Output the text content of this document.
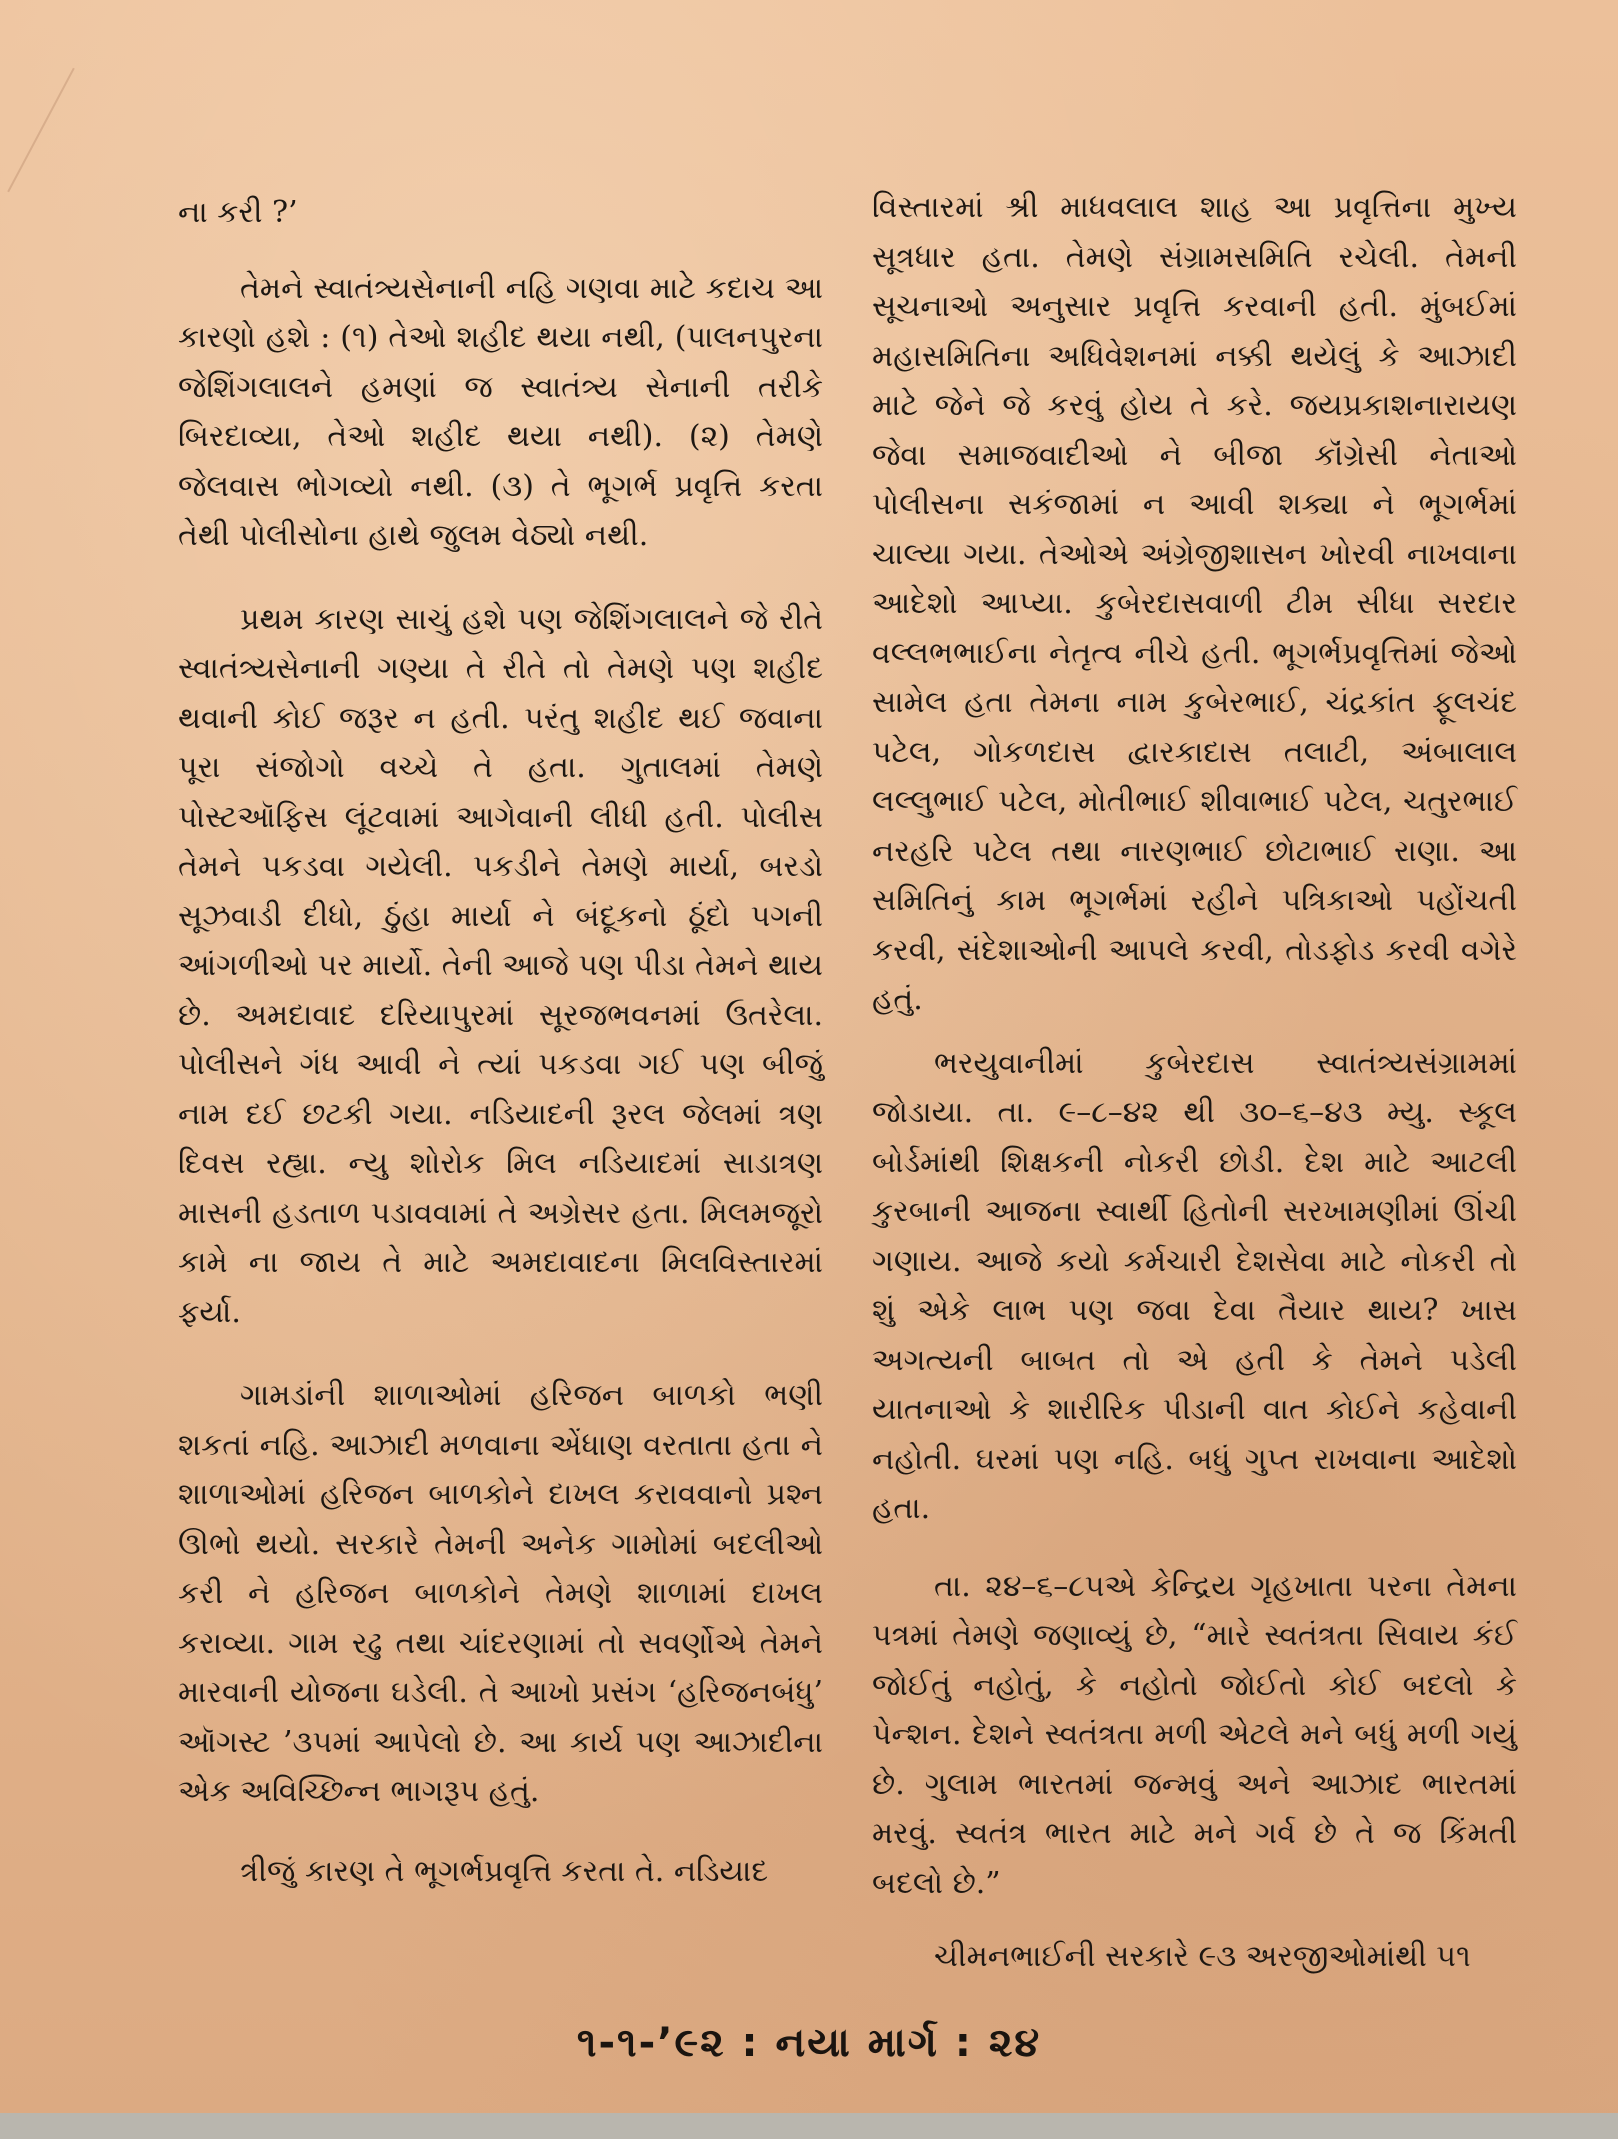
ના કરી ?’

તેમને સ્વાતંત્ર્યસેનાની નહિ ગણવા માટે કદાચ આ કારણો હશે : (૧) તેઓ શહીદ થયા નથી, (પાલનપુરના જેશિંગલાલને હમણાં જ સ્વાતંત્ર્ય સેનાની તરીકે બિરદાવ્યા, તેઓ શહીદ થયા નથી). (૨) તેમણે જેલવાસ ભોગવ્યો નથી. (૩) તે ભૂગર્ભ પ્રવૃત્તિ કરતા તેથી પોલીસોના હાથે જુલમ વેઠ્યો નથી.

પ્રથમ કારણ સાચું હશે પણ જેશિંગલાલને જે રીતે સ્વાતંત્ર્યસેનાની ગણ્યા તે રીતે તો તેમણે પણ શહીદ થવાની કોઈ જરૂર ન હતી. પરંતુ શહીદ થઈ જવાના પૂરા સંજોગો વચ્ચે તે હતા. ગુતાલમાં તેમણે પોસ્ટઑફિસ લૂંટવામાં આગેવાની લીધી હતી. પોલીસ તેમને પકડવા ગયેલી. પકડીને તેમણે માર્યા, બરડો સૂઝવાડી દીધો, ઠુંહા માર્યા ને બંદૂકનો ઠૂંદો પગની આંગળીઓ પર માર્યો. તેની આજે પણ પીડા તેમને થાય છે. અમદાવાદ દરિયાપુરમાં સૂરજભવનમાં ઉતરેલા. પોલીસને ગંધ આવી ને ત્યાં પકડવા ગઈ પણ બીજું નામ દઈ છટકી ગયા. નડિયાદની રૂરલ જેલમાં ત્રણ દિવસ રહ્યા. ન્યુ શોરોક મિલ નડિયાદમાં સાડાત્રણ માસની હડતાળ પડાવવામાં તે અગ્રેસર હતા. મિલમજૂરો કામે ના જાય તે માટે અમદાવાદના મિલવિસ્તારમાં ફર્યા.

ગામડાંની શાળાઓમાં હરિજન બાળકો ભણી શકતાં નહિ. આઝાદી મળવાના એંધાણ વરતાતા હતા ને શાળાઓમાં હરિજન બાળકોને દાખલ કરાવવાનો પ્રશ્ન ઊભો થયો. સરકારે તેમની અનેક ગામોમાં બદલીઓ કરી ને હરિજન બાળકોને તેમણે શાળામાં દાખલ કરાવ્યા. ગામ રઢુ તથા ચાંદરણામાં તો સવર્ણોએ તેમને મારવાની યોજના ઘડેલી. તે આખો પ્રસંગ ‘હરિજનબંધુ’ ઑગસ્ટ ’૩૫માં આપેલો છે. આ કાર્ય પણ આઝાદીના એક અવિચ્છિન્ન ભાગરૂપ હતું.

ત્રીજું કારણ તે ભૂગર્ભપ્રવૃત્તિ કરતા તે. નડિયાદ

વિસ્તારમાં શ્રી માધવલાલ શાહ આ પ્રવૃત્તિના મુખ્ય સૂત્રધાર હતા. તેમણે સંગ્રામસમિતિ રચેલી. તેમની સૂચનાઓ અનુસાર પ્રવૃત્તિ કરવાની હતી. મુંબઈમાં મહાસમિતિના અધિવેશનમાં નક્કી થયેલું કે આઝાદી માટે જેને જે કરવું હોય તે કરે. જયપ્રકાશનારાયણ જેવા સમાજવાદીઓ ને બીજા કૉંગ્રેસી નેતાઓ પોલીસના સકંજામાં ન આવી શક્યા ને ભૂગર્ભમાં ચાલ્યા ગયા. તેઓએ અંગ્રેજીશાસન ખોરવી નાખવાના આદેશો આપ્યા. કુબેરદાસવાળી ટીમ સીધા સરદાર વલ્લભભાઈના નેતૃત્વ નીચે હતી. ભૂગર્ભપ્રવૃત્તિમાં જેઓ સામેલ હતા તેમના નામ કુબેરભાઈ, ચંદ્રકાંત ફૂલચંદ પટેલ, ગોકળદાસ દ્વારકાદાસ તલાટી, અંબાલાલ લલ્લુભાઈ પટેલ, મોતીભાઈ શીવાભાઈ પટેલ, ચતુરભાઈ નરહરિ પટેલ તથા નારણભાઈ છોટાભાઈ રાણા. આ સમિતિનું કામ ભૂગર્ભમાં રહીને પત્રિકાઓ પહોંચતી કરવી, સંદેશાઓની આપલે કરવી, તોડફોડ કરવી વગેરે હતું.

ભરયુવાનીમાં કુબેરદાસ સ્વાતંત્ર્યસંગ્રામમાં જોડાયા. તા. ૯–૮–૪૨ થી ૩૦–૬–૪૩ મ્યુ. સ્કૂલ બોર્ડમાંથી શિક્ષકની નોકરી છોડી. દેશ માટે આટલી કુરબાની આજના સ્વાર્થી હિતોની સરખામણીમાં ઊંચી ગણાય. આજે કયો કર્મચારી દેશસેવા માટે નોકરી તો શું એકે લાભ પણ જવા દેવા તૈયાર થાય? ખાસ અગત્યની બાબત તો એ હતી કે તેમને પડેલી યાતનાઓ કે શારીરિક પીડાની વાત કોઈને કહેવાની નહોતી. ઘરમાં પણ નહિ. બધું ગુપ્ત રાખવાના આદેશો હતા.

તા. ૨૪–૬–૮૫એ કેન્દ્રિય ગૃહખાતા પરના તેમના પત્રમાં તેમણે જણાવ્યું છે, “મારે સ્વતંત્રતા સિવાય કંઈ જોઈતું નહોતું, કે નહોતો જોઈતો કોઈ બદલો કે પેન્શન. દેશને સ્વતંત્રતા મળી એટલે મને બધું મળી ગયું છે. ગુલામ ભારતમાં જન્મવું અને આઝાદ ભારતમાં મરવું. સ્વતંત્ર ભારત માટે મને ગર્વ છે તે જ કિંમતી બદલો છે.”

ચીમનભાઈની સરકારે ૯૩ અરજીઓમાંથી ૫૧

૧-૧-’૯૨ : નયા માર્ગ : ૨૪
